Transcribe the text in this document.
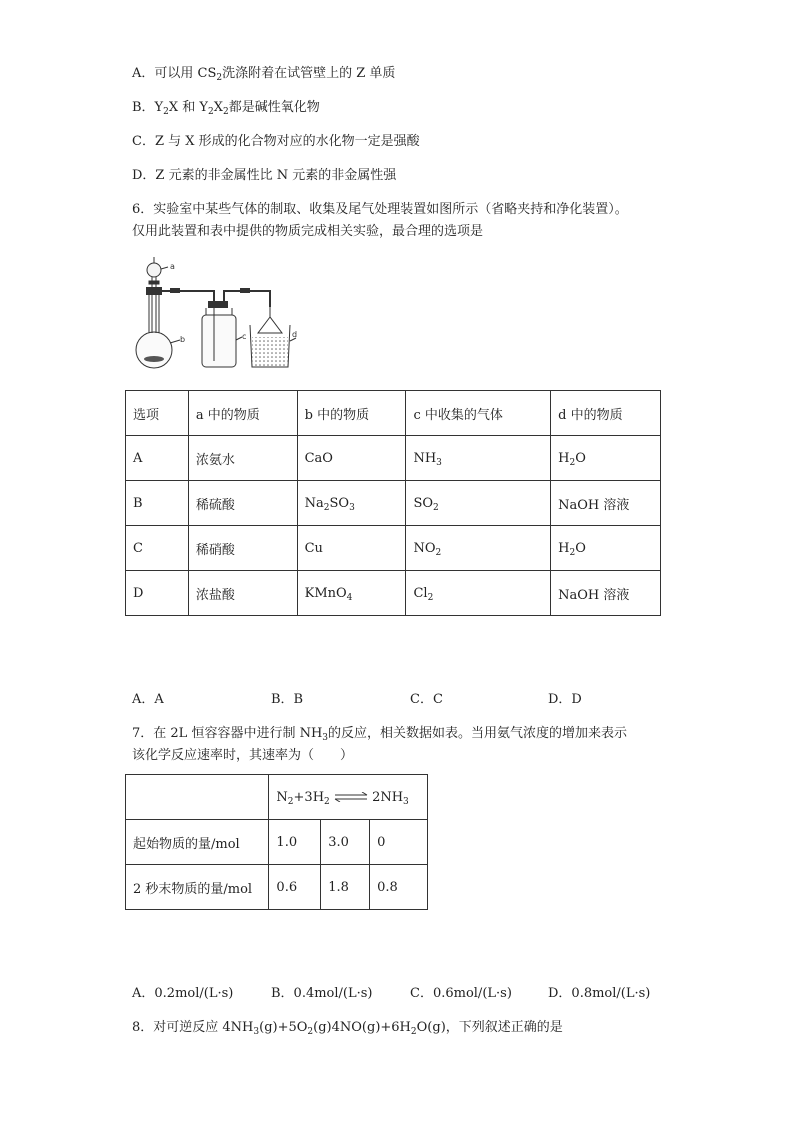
A．可以用 $CS_2$洗涤附着在试管壁上的 Z 单质
B．$Y_2X$ 和 $Y_2X_2$都是碱性氧化物
C．Z 与 X 形成的化合物对应的水化物一定是强酸
D．Z 元素的非金属性比 N 元素的非金属性强
6．实验室中某些气体的制取、收集及尾气处理装置如图所示（省略夹持和净化装置）。
仅用此装置和表中提供的物质完成相关实验，最合理的选项是
a
b	c	d
选项	a 中的物质	b 中的物质	c 中收集的气体	d 中的物质
A	浓氨水	CaO	$NH_3$	$H_2O$
B	稀硫酸	$Na_2SO_3$	$SO_2$	NaOH 溶液
C	稀硝酸	Cu	$NO_2$	$H_2O$
D	浓盐酸	KMnO$_4$	$Cl_2$	NaOH 溶液
A．A	B．B	C．C	D．D
7．在 2L 恒容容器中进行制 $NH_3$的反应，相关数据如表。当用氨气浓度的增加来表示
该化学反应速率时，其速率为（　　）
	$N_2+3H_2$ ⇌ $2NH_3$
起始物质的量/mol	1.0	3.0	0
2 秒末物质的量/mol	0.6	1.8	0.8
A．0.2mol/(L·s)	B．0.4mol/(L·s)	C．0.6mol/(L·s)	D．0.8mol/(L·s)
8．对可逆反应 $4NH_3(g)+5O_2(g)4NO(g)+6H_2O(g)$，下列叙述正确的是
